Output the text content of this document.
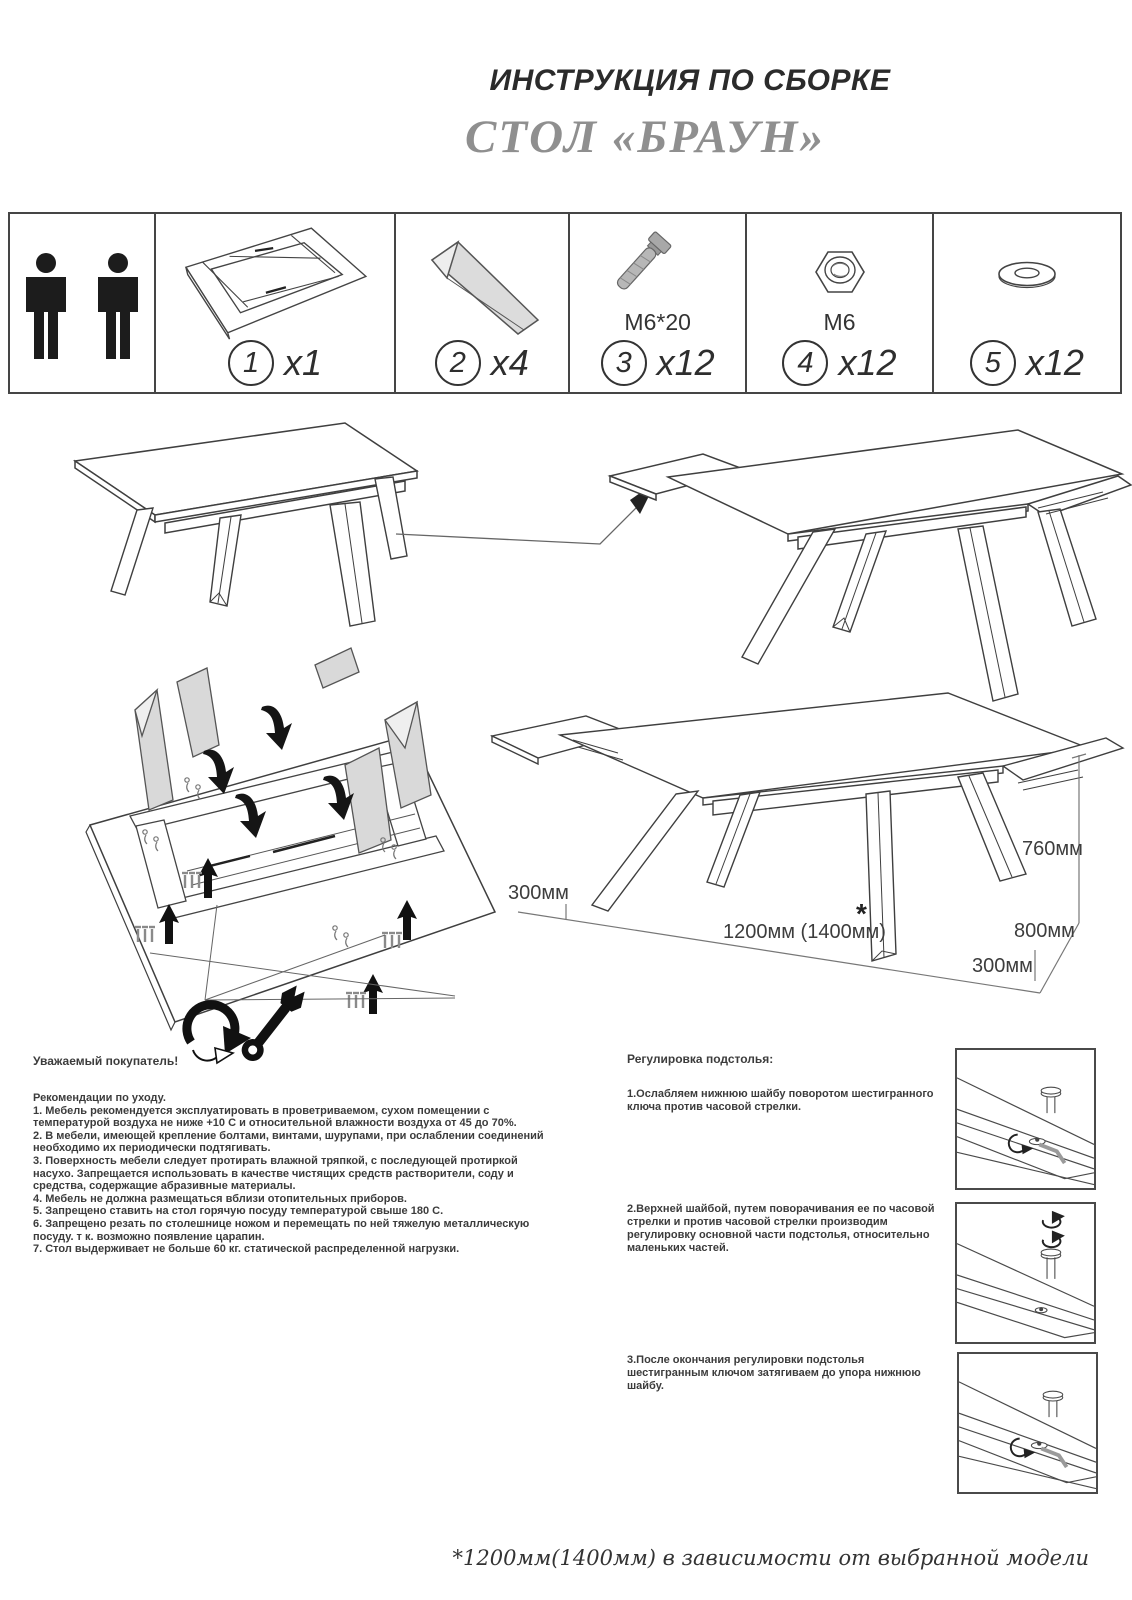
ИНСТРУКЦИЯ ПО СБОРКЕ
СТОЛ «БРАУН»
1 x1	2 x4
M6*20
3 x12
M6
4 x12	5 x12
300мм
1200мм (1400мм)
*
760мм
800мм
300мм
Уважаемый покупатель!
Рекомендации по уходу.
1. Мебель рекомендуется эксплуатировать в проветриваемом, сухом помещении с температурой воздуха не ниже +10 С и относительной влажности воздуха от 45 до 70%.
2. В мебели, имеющей крепление болтами, винтами, шурупами, при ослаблении соединений необходимо их периодически подтягивать.
3. Поверхность мебели следует протирать влажной тряпкой, с последующей протиркой насухо. Запрещается использовать в качестве чистящих средств растворители, соду и средства, содержащие абразивные материалы.
4. Мебель не должна размещаться вблизи отопительных приборов.
5. Запрещено ставить на стол горячую посуду температурой свыше 180 С.
6. Запрещено резать по столешнице ножом и перемещать по ней тяжелую металлическую посуду. т к. возможно появление царапин.
7. Стол выдерживает не больше 60 кг. статической распределенной нагрузки.
Регулировка подстолья:
1.Ослабляем нижнюю шайбу поворотом шестигранного ключа против часовой стрелки.
2.Верхней шайбой, путем поворачивания ее по часовой стрелки и против часовой стрелки производим регулировку основной части подстолья, относительно маленьких частей.
3.После окончания регулировки подстолья шестигранным ключом затягиваем до упора нижнюю шайбу.
*1200мм(1400мм) в зависимости от выбранной модели
